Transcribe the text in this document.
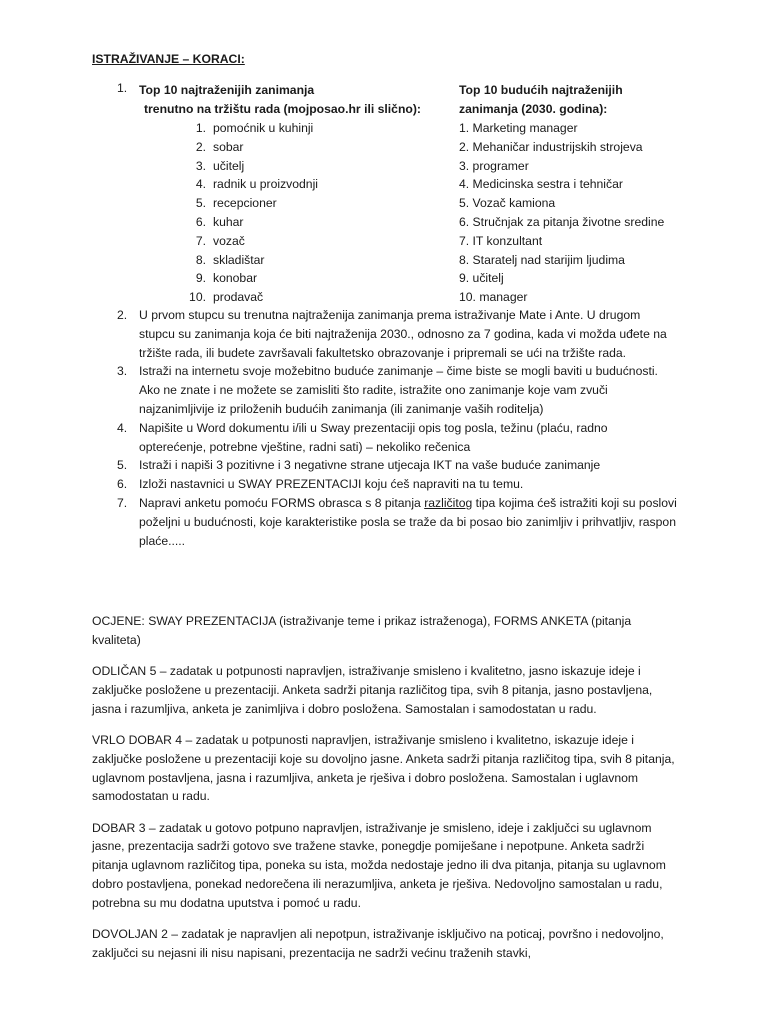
ISTRAŽIVANJE – KORACI:
1. Top 10 najtraženijih zanimanja
trenutno na tržištu rada (mojposao.hr ili slično):
Top 10 budućih najtraženijih
zanimanja (2030. godina):
1. pomoćnik u kuhinji
2. sobar
3. učitelj
4. radnik u proizvodnji
5. recepcioner
6. kuhar
7. vozač
8. skladištar
9. konobar
10. prodavač
1. Marketing manager
2. Mehaničar industrijskih strojeva
3. programer
4. Medicinska sestra i tehničar
5. Vozač kamiona
6. Stručnjak za pitanja životne sredine
7. IT konzultant
8. Staratelj nad starijim ljudima
9. učitelj
10. manager
2. U prvom stupcu su trenutna najtraženija zanimanja prema istraživanje Mate i Ante. U drugom stupcu su zanimanja koja će biti najtraženija 2030., odnosno za 7 godina, kada vi možda uđete na tržište rada, ili budete završavali fakultetsko obrazovanje i pripremali se ući na tržište rada.
3. Istraži na internetu svoje možebitno buduće zanimanje – čime biste se mogli baviti u budućnosti. Ako ne znate i ne možete se zamisliti što radite, istražite ono zanimanje koje vam zvuči najzanimljivije iz priloženih budućih zanimanja (ili zanimanje vaših roditelja)
4. Napišite u Word dokumentu i/ili u Sway prezentaciji opis tog posla, težinu (plaću, radno opterećenje, potrebne vještine, radni sati) – nekoliko rečenica
5. Istraži i napiši 3 pozitivne i 3 negativne strane utjecaja IKT na vaše buduće zanimanje
6. Izloži nastavnici u SWAY PREZENTACIJI koju ćeš napraviti na tu temu.
7. Napravi anketu pomoću FORMS obrasca s 8 pitanja različitog tipa kojima ćeš istražiti koji su poslovi poželjni u budućnosti, koje karakteristike posla se traže da bi posao bio zanimljiv i prihvatljiv, raspon plaće.....

OCJENE: SWAY PREZENTACIJA (istraživanje teme i prikaz istraženoga), FORMS ANKETA (pitanja kvaliteta)

ODLIČAN 5 – zadatak u potpunosti napravljen, istraživanje smisleno i kvalitetno, jasno iskazuje ideje i zaključke posložene u prezentaciji. Anketa sadrži pitanja različitog tipa, svih 8 pitanja, jasno postavljena, jasna i razumljiva, anketa je zanimljiva i dobro posložena. Samostalan i samodostatan u radu.

VRLO DOBAR 4 – zadatak u potpunosti napravljen, istraživanje smisleno i kvalitetno, iskazuje ideje i zaključke posložene u prezentaciji koje su dovoljno jasne. Anketa sadrži pitanja različitog tipa, svih 8 pitanja, uglavnom postavljena, jasna i razumljiva, anketa je rješiva i dobro posložena. Samostalan i uglavnom samodostatan u radu.

DOBAR 3 – zadatak u gotovo potpuno napravljen, istraživanje je smisleno, ideje i zaključci su uglavnom jasne, prezentacija sadrži gotovo sve tražene stavke, ponegdje pomiješane i nepotpune. Anketa sadrži pitanja uglavnom različitog tipa, poneka su ista, možda nedostaje jedno ili dva pitanja, pitanja su uglavnom dobro postavljena, ponekad nedorečena ili nerazumljiva, anketa je rješiva. Nedovoljno samostalan u radu, potrebna su mu dodatna uputstva i pomoć u radu.

DOVOLJAN 2 – zadatak je napravljen ali nepotpun, istraživanje isključivo na poticaj, površno i nedovoljno, zaključci su nejasni ili nisu napisani, prezentacija ne sadrži većinu traženih stavki,
